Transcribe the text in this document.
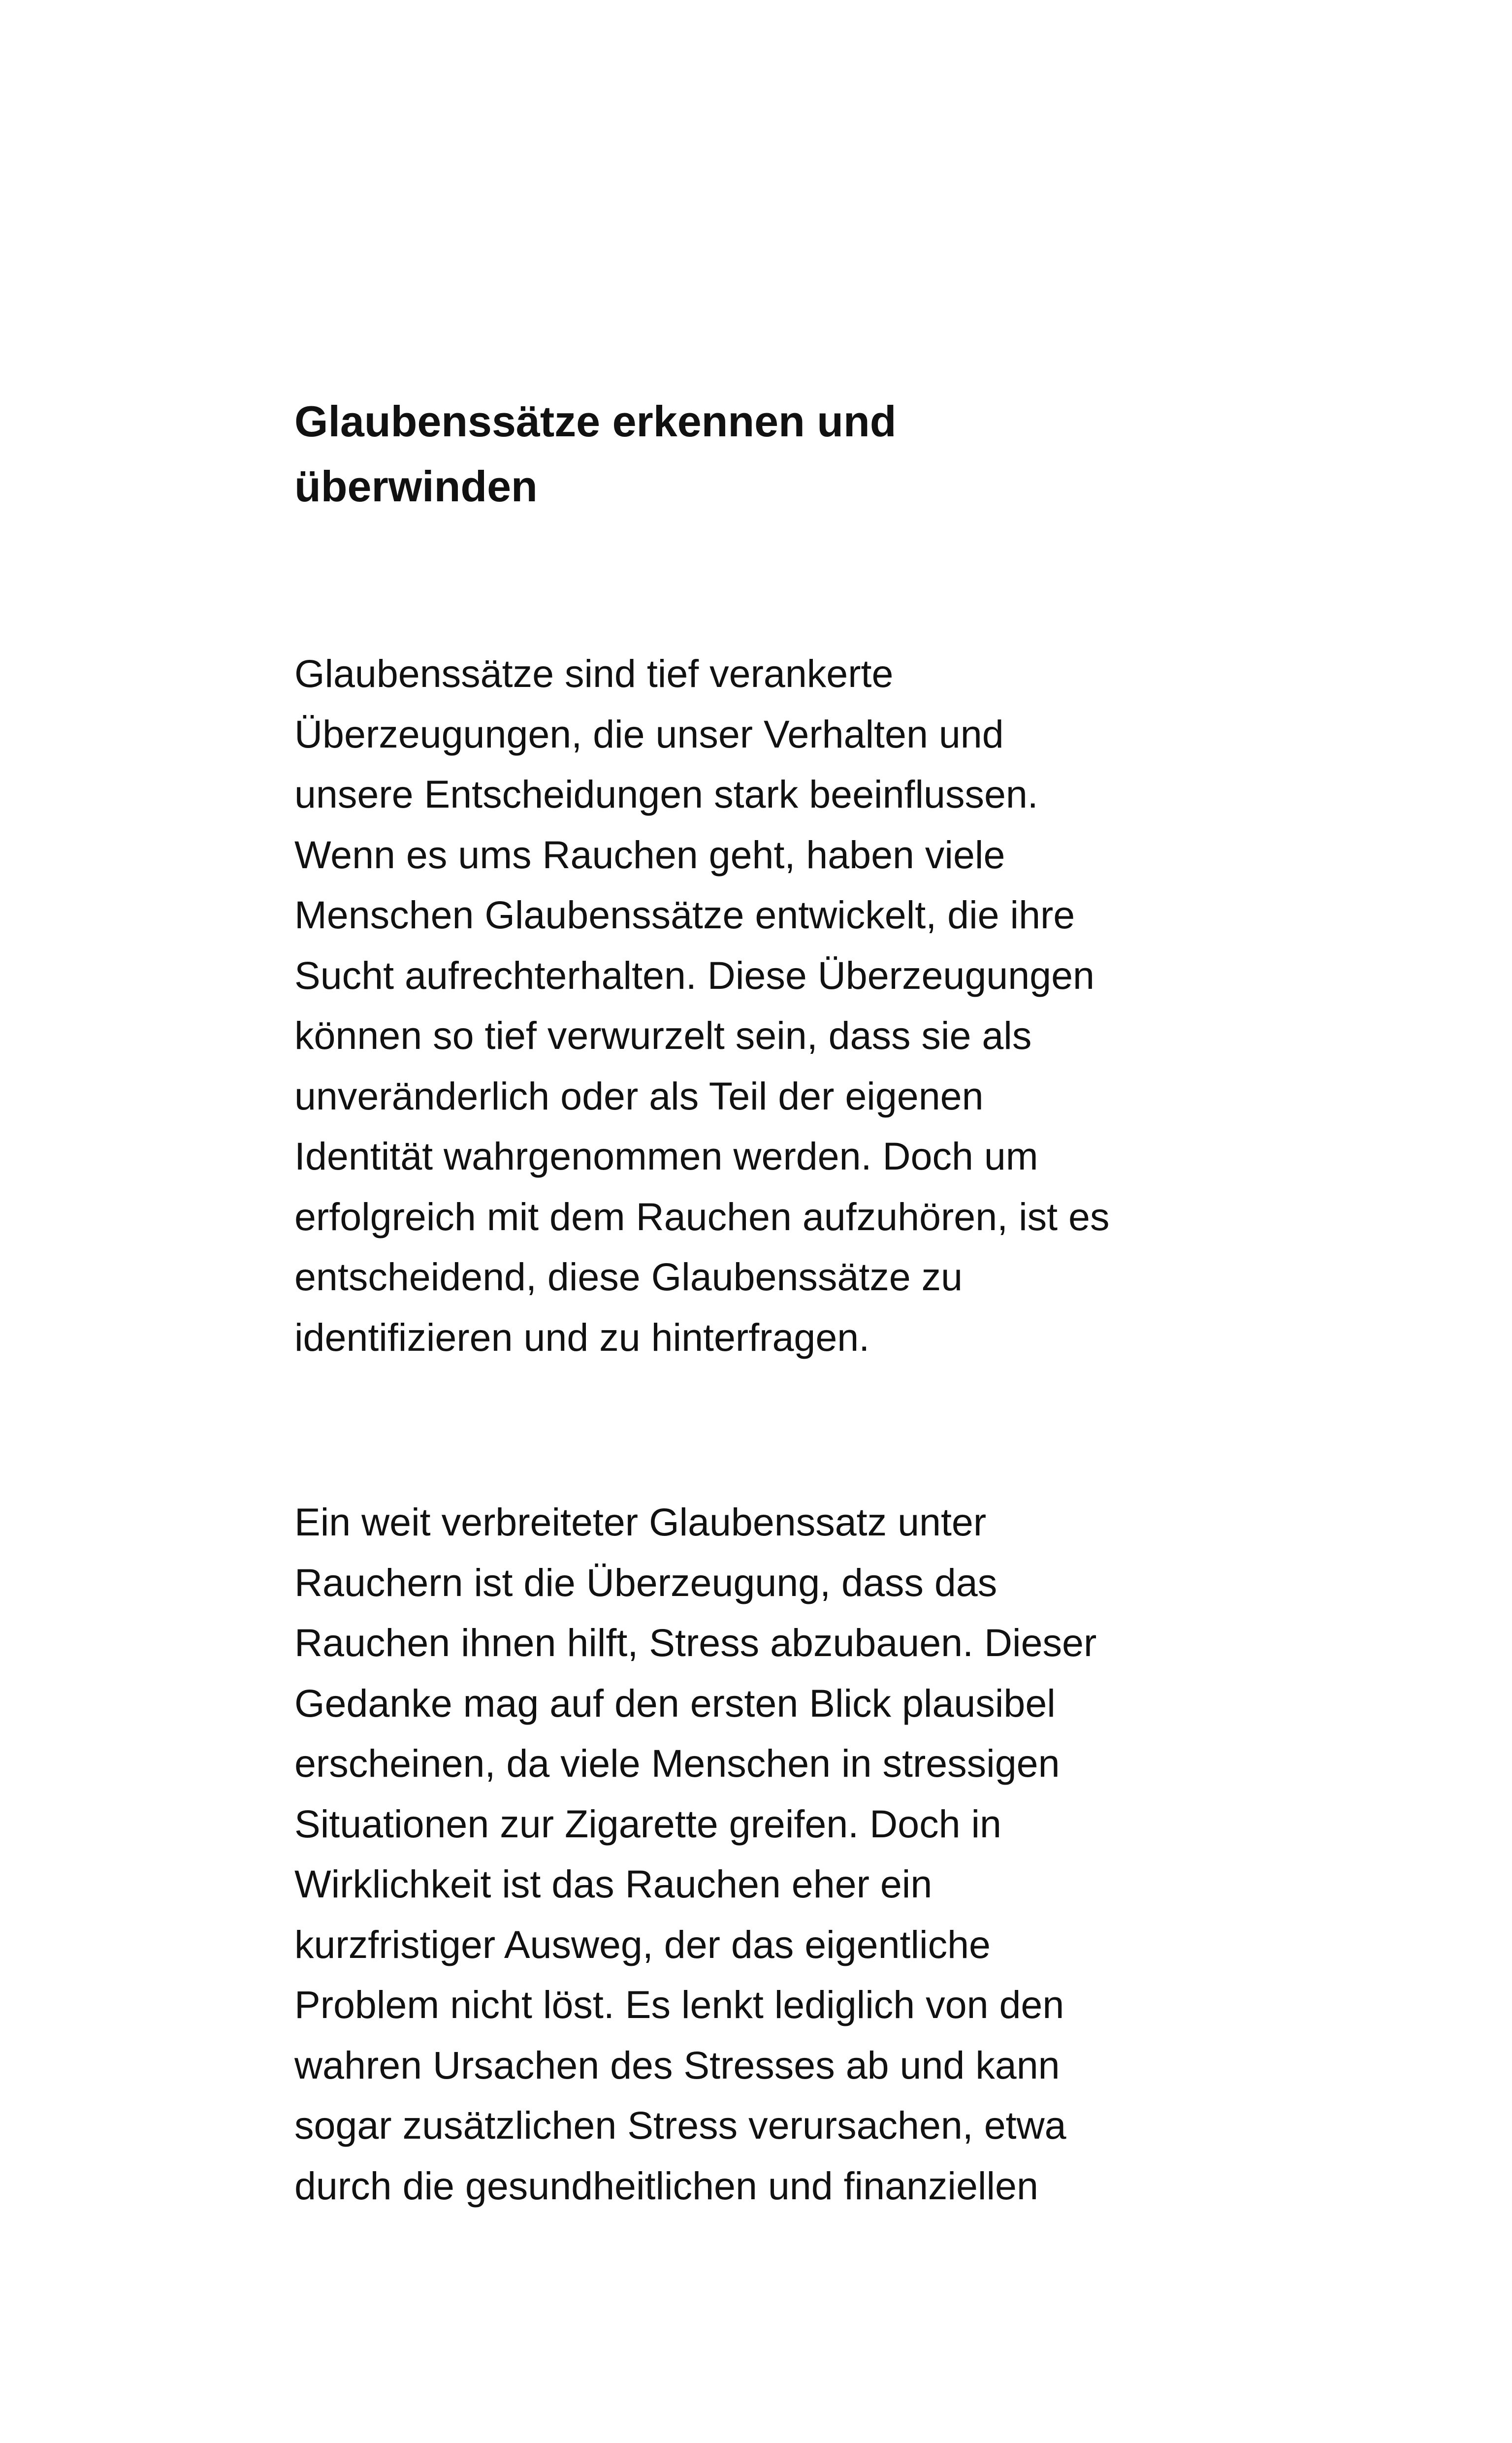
Glaubenssätze erkennen und
überwinden

Glaubenssätze sind tief verankerte
Überzeugungen, die unser Verhalten und
unsere Entscheidungen stark beeinflussen.
Wenn es ums Rauchen geht, haben viele
Menschen Glaubenssätze entwickelt, die ihre
Sucht aufrechterhalten. Diese Überzeugungen
können so tief verwurzelt sein, dass sie als
unveränderlich oder als Teil der eigenen
Identität wahrgenommen werden. Doch um
erfolgreich mit dem Rauchen aufzuhören, ist es
entscheidend, diese Glaubenssätze zu
identifizieren und zu hinterfragen.

Ein weit verbreiteter Glaubenssatz unter
Rauchern ist die Überzeugung, dass das
Rauchen ihnen hilft, Stress abzubauen. Dieser
Gedanke mag auf den ersten Blick plausibel
erscheinen, da viele Menschen in stressigen
Situationen zur Zigarette greifen. Doch in
Wirklichkeit ist das Rauchen eher ein
kurzfristiger Ausweg, der das eigentliche
Problem nicht löst. Es lenkt lediglich von den
wahren Ursachen des Stresses ab und kann
sogar zusätzlichen Stress verursachen, etwa
durch die gesundheitlichen und finanziellen
